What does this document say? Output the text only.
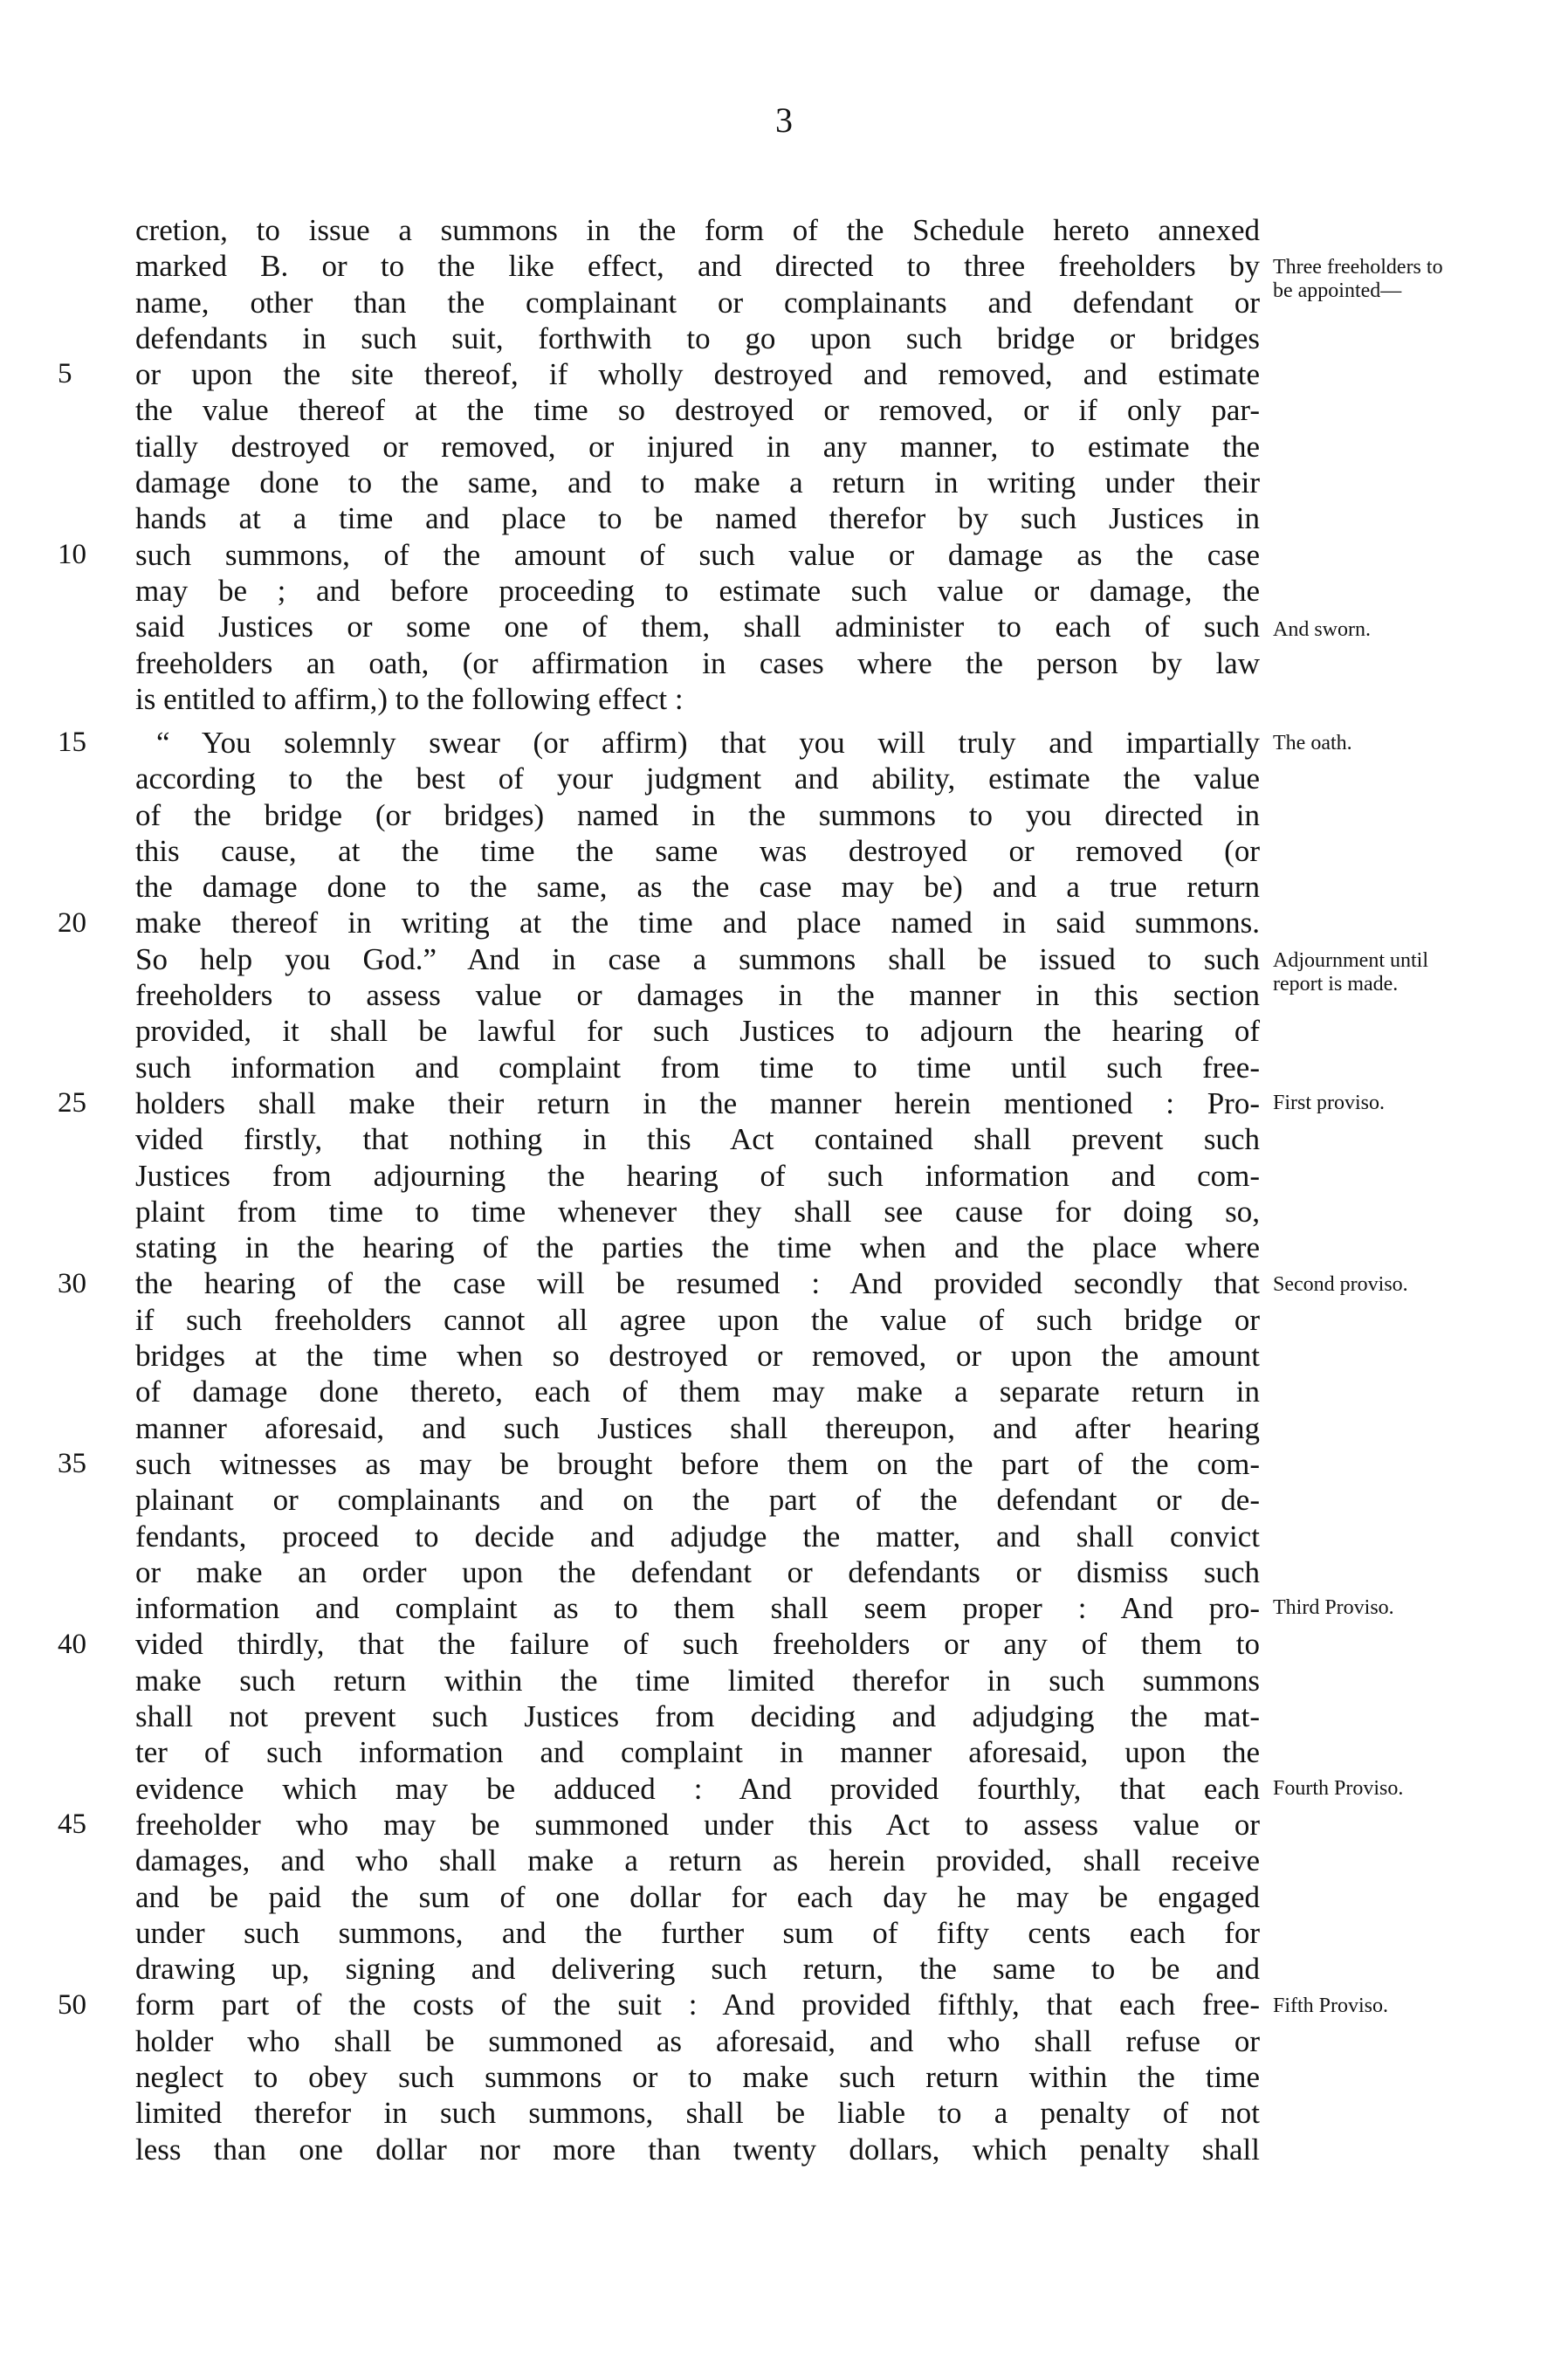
3
cretion, to issue a summons in the form of the Schedule hereto annexed
marked B. or to the like effect, and directed to three freeholders by
name, other than the complainant or complainants and defendant or
defendants in such suit, forthwith to go upon such bridge or bridges
or upon the site thereof, if wholly destroyed and removed, and estimate
the value thereof at the time so destroyed or removed, or if only par-
tially destroyed or removed, or injured in any manner, to estimate the
damage done to the same, and to make a return in writing under their
hands at a time and place to be named therefor by such Justices in
such summons, of the amount of such value or damage as the case
may be ; and before proceeding to estimate such value or damage, the
said Justices or some one of them, shall administer to each of such
freeholders an oath, (or affirmation in cases where the person by law
is entitled to affirm,) to the following effect :
“ You solemnly swear (or affirm) that you will truly and impartially
according to the best of your judgment and ability, estimate the value
of the bridge (or bridges) named in the summons to you directed in
this cause, at the time the same was destroyed or removed (or
the damage done to the same, as the case may be) and a true return
make thereof in writing at the time and place named in said summons.
So help you God.” And in case a summons shall be issued to such
freeholders to assess value or damages in the manner in this section
provided, it shall be lawful for such Justices to adjourn the hearing of
such information and complaint from time to time until such free-
holders shall make their return in the manner herein mentioned : Pro-
vided firstly, that nothing in this Act contained shall prevent such
Justices from adjourning the hearing of such information and com-
plaint from time to time whenever they shall see cause for doing so,
stating in the hearing of the parties the time when and the place where
the hearing of the case will be resumed : And provided secondly that
if such freeholders cannot all agree upon the value of such bridge or
bridges at the time when so destroyed or removed, or upon the amount
of damage done thereto, each of them may make a separate return in
manner aforesaid, and such Justices shall thereupon, and after hearing
such witnesses as may be brought before them on the part of the com-
plainant or complainants and on the part of the defendant or de-
fendants, proceed to decide and adjudge the matter, and shall convict
or make an order upon the defendant or defendants or dismiss such
information and complaint as to them shall seem proper : And pro-
vided thirdly, that the failure of such freeholders or any of them to
make such return within the time limited therefor in such summons
shall not prevent such Justices from deciding and adjudging the mat-
ter of such information and complaint in manner aforesaid, upon the
evidence which may be adduced : And provided fourthly, that each
freeholder who may be summoned under this Act to assess value or
damages, and who shall make a return as herein provided, shall receive
and be paid the sum of one dollar for each day he may be engaged
under such summons, and the further sum of fifty cents each for
drawing up, signing and delivering such return, the same to be and
form part of the costs of the suit : And provided fifthly, that each free-
holder who shall be summoned as aforesaid, and who shall refuse or
neglect to obey such summons or to make such return within the time
limited therefor in such summons, shall be liable to a penalty of not
less than one dollar nor more than twenty dollars, which penalty shall
5
10
15
20
25
30
35
40
45
50
Three freeholders to be appointed—
And sworn.
The oath.
Adjournment until report is made.
First proviso.
Second proviso.
Third Proviso.
Fourth Proviso.
Fifth Proviso.
